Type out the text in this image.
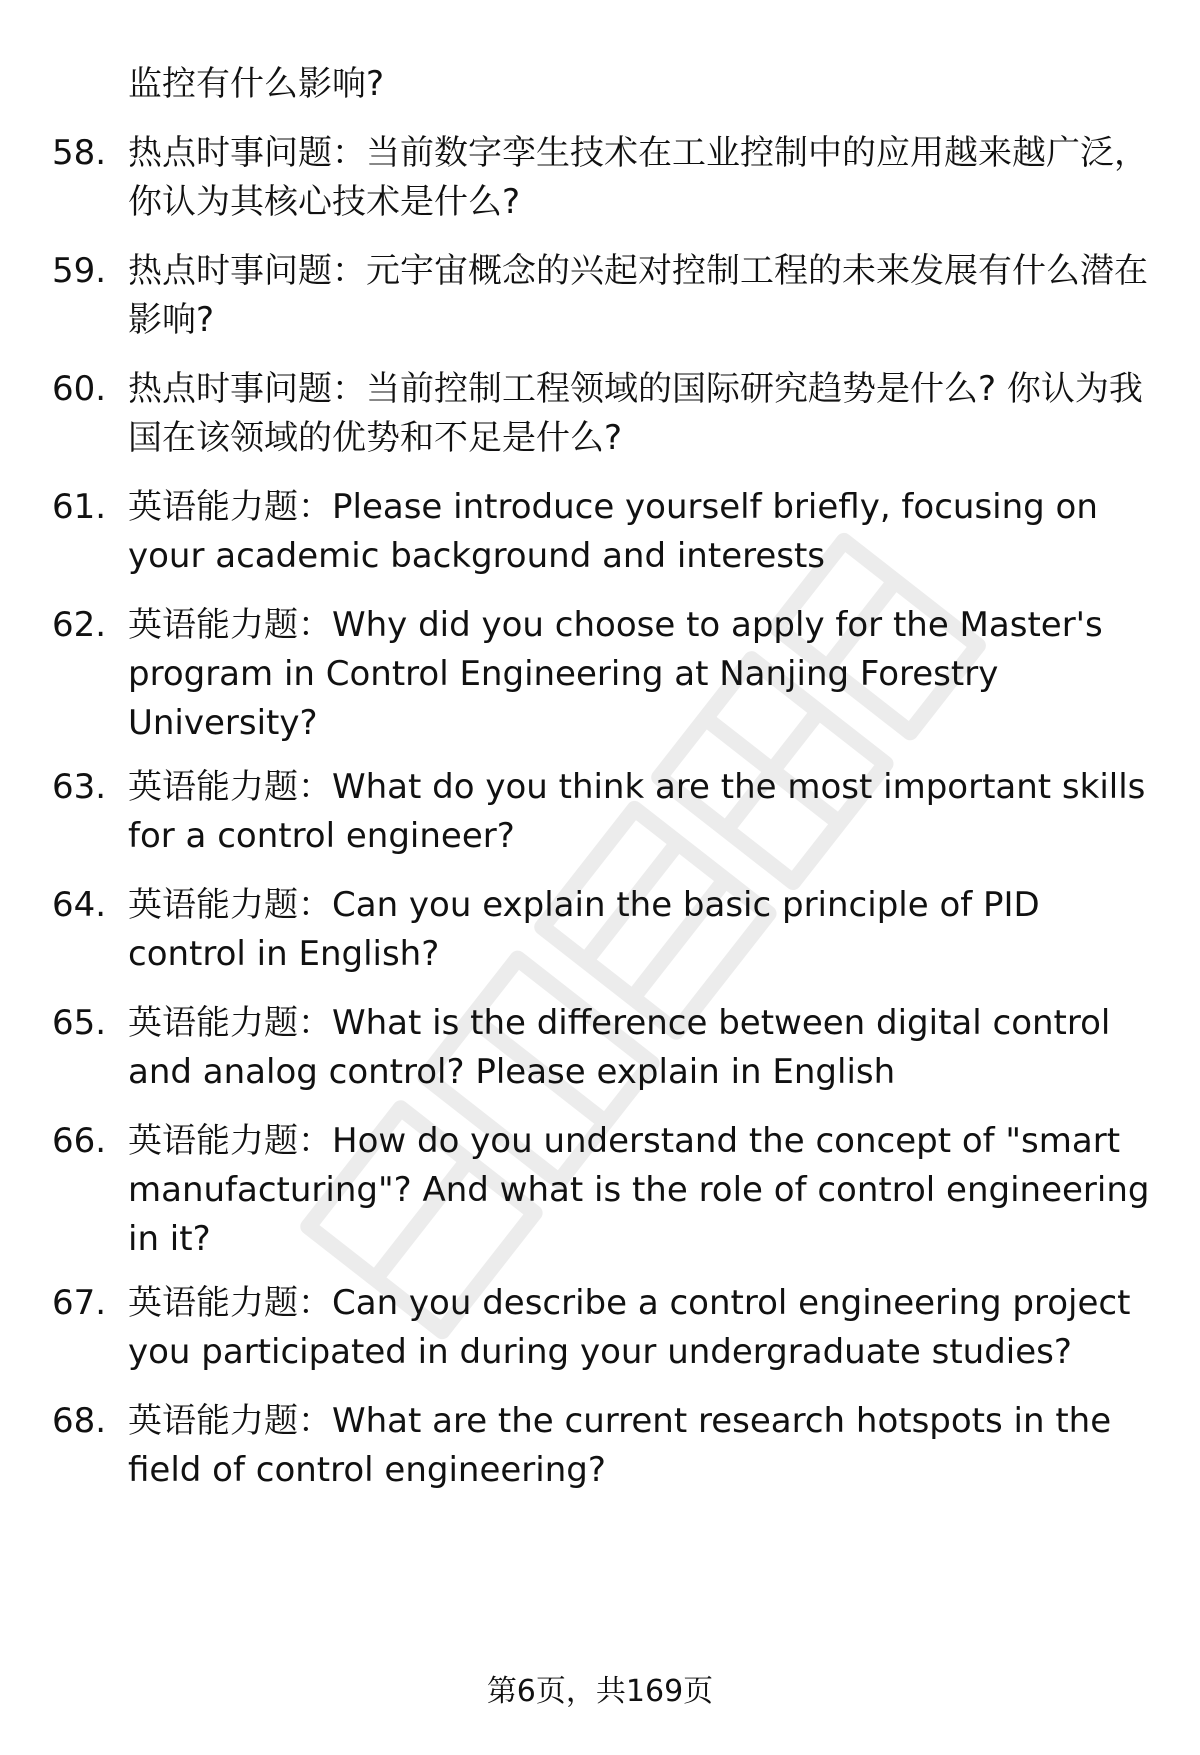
监控有什么影响?
58. 热点时事问题：当前数字孪生技术在工业控制中的应用越来越广泛，你认为其核心技术是什么?
59. 热点时事问题：元宇宙概念的兴起对控制工程的未来发展有什么潜在影响?
60. 热点时事问题：当前控制工程领域的国际研究趋势是什么? 你认为我国在该领域的优势和不足是什么?
61. 英语能力题：Please introduce yourself briefly, focusing on your academic background and interests
62. 英语能力题：Why did you choose to apply for the Master's program in Control Engineering at Nanjing Forestry University?
63. 英语能力题：What do you think are the most important skills for a control engineer?
64. 英语能力题：Can you explain the basic principle of PID control in English?
65. 英语能力题：What is the difference between digital control and analog control? Please explain in English
66. 英语能力题：How do you understand the concept of "smart manufacturing"? And what is the role of control engineering in it?
67. 英语能力题：Can you describe a control engineering project you participated in during your undergraduate studies?
68. 英语能力题：What are the current research hotspots in the field of control engineering?
第6页，共169页
